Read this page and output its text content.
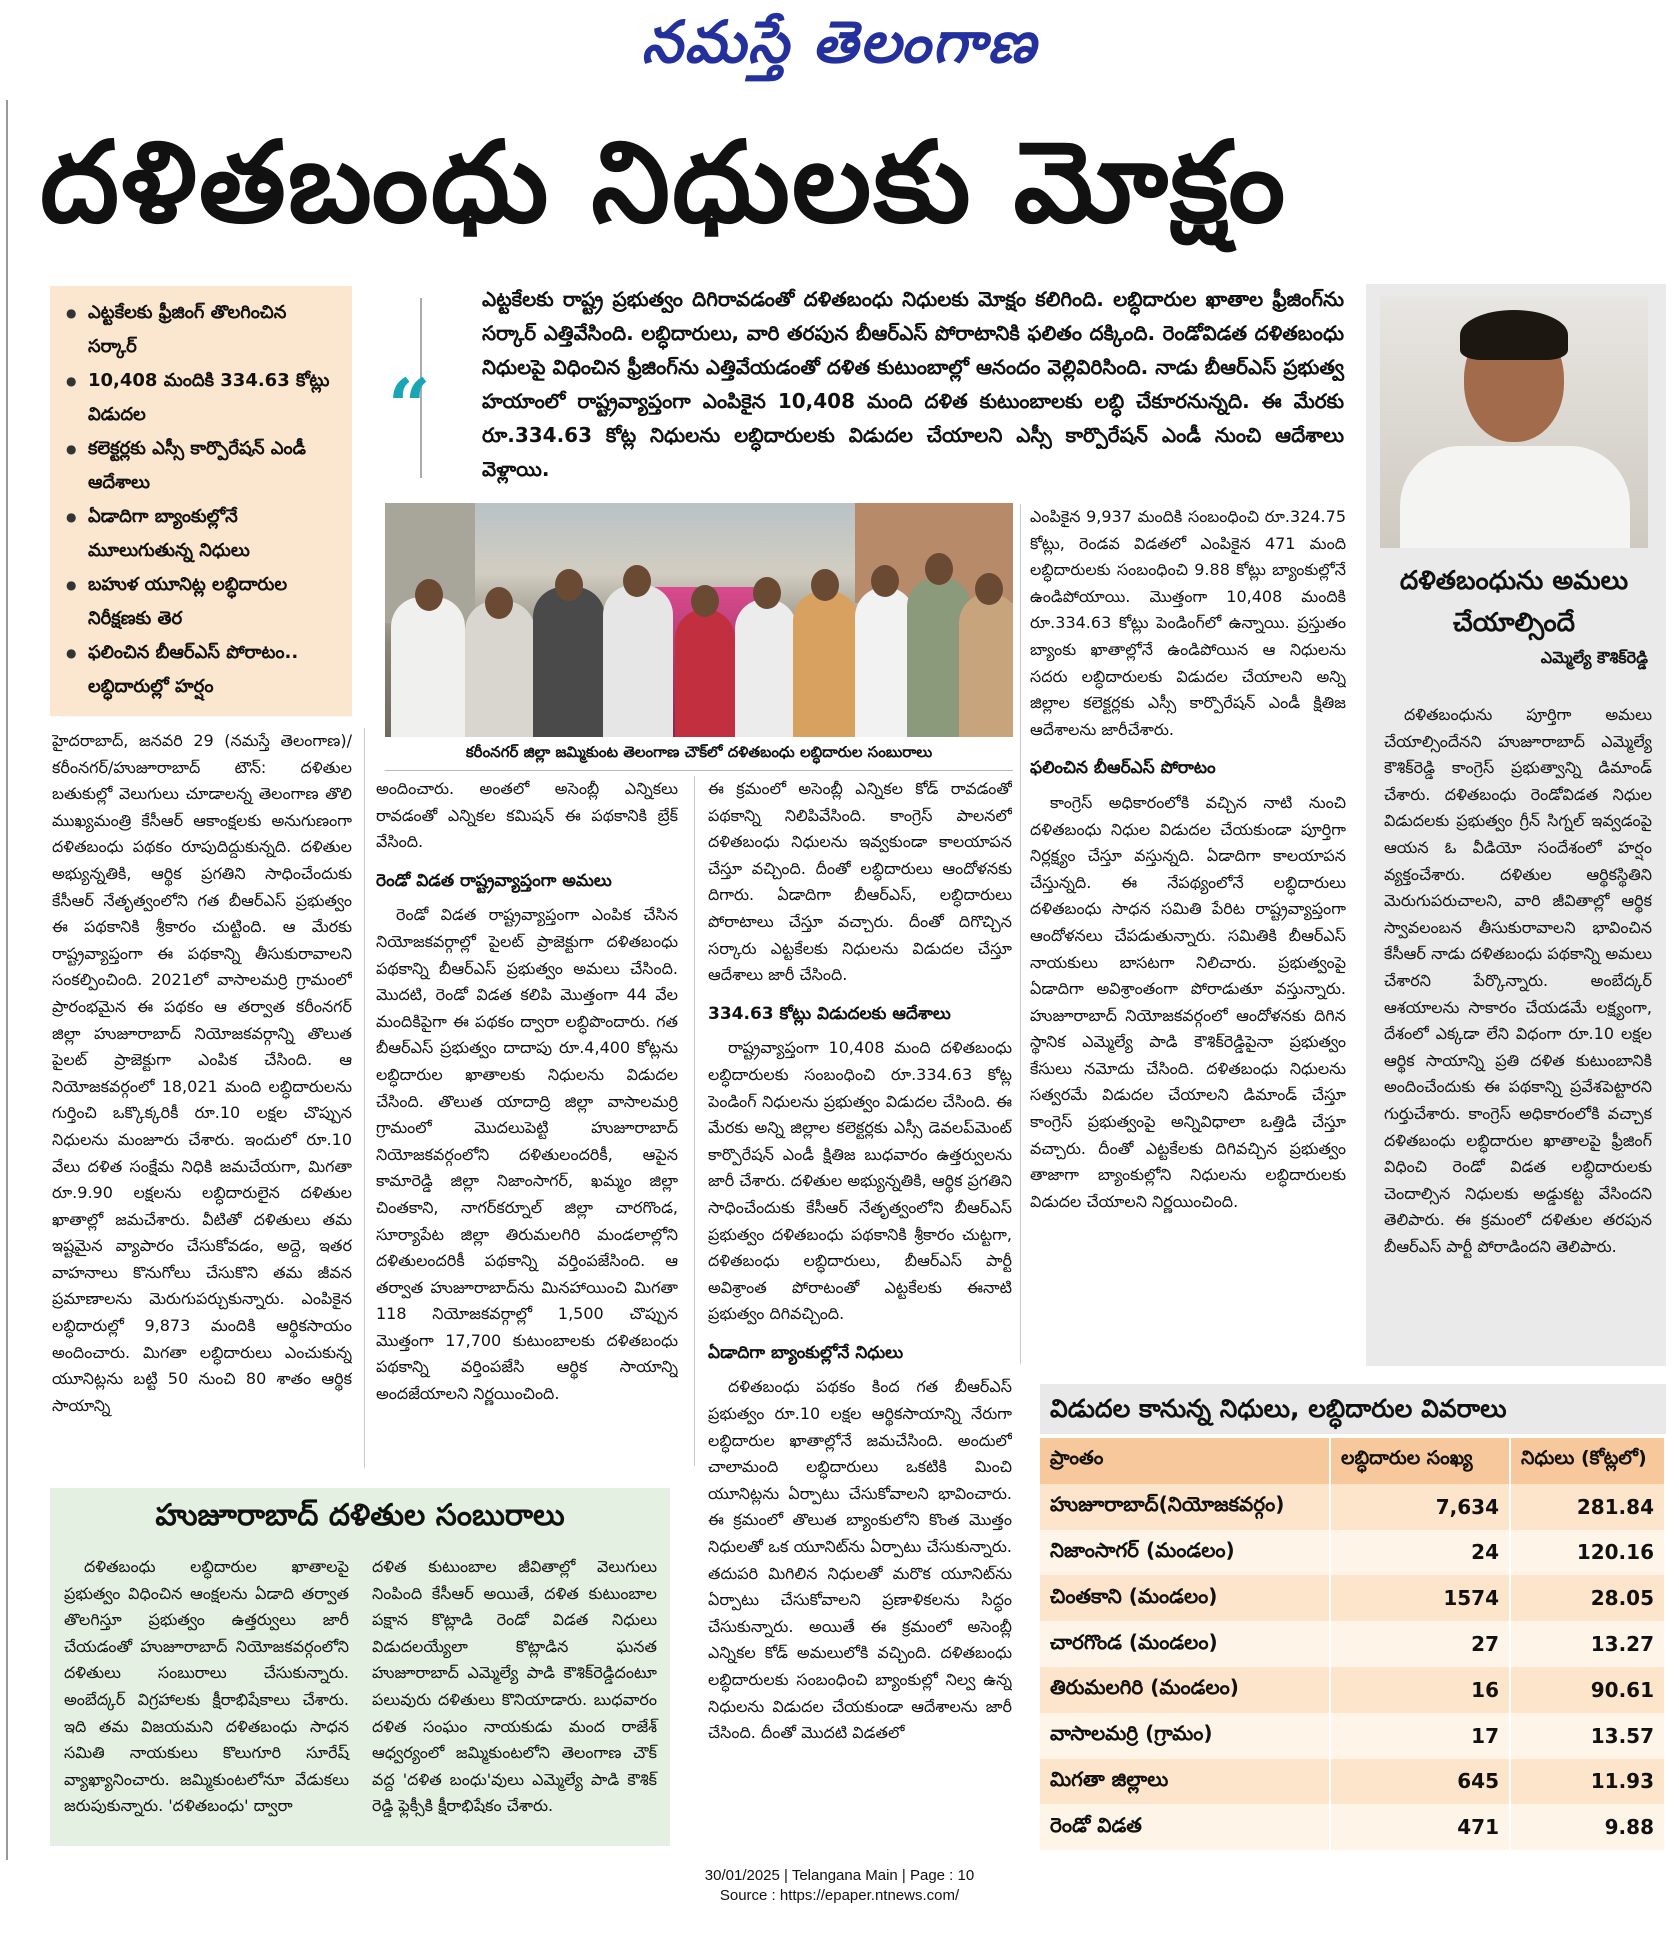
నమస్తే తెలంగాణ
దళితబంధు నిధులకు మోక్షం
● ఎట్టకేలకు ఫ్రీజింగ్ తొలగించిన సర్కార్
● 10,408 మందికి 334.63 కోట్లు విడుదల
● కలెక్టర్లకు ఎస్సీ కార్పొరేషన్ ఎండీ ఆదేశాలు
● ఏడాదిగా బ్యాంకుల్లోనే మూలుగుతున్న నిధులు
● బహుళ యూనిట్ల లబ్ధిదారుల నిరీక్షణకు తెర
● ఫలించిన బీఆర్ఎస్ పోరాటం.. లబ్ధిదారుల్లో హర్షం
“
ఎట్టకేలకు రాష్ట్ర ప్రభుత్వం దిగిరావడంతో దళితబంధు నిధులకు మోక్షం కలిగింది. లబ్ధిదారుల ఖాతాల ఫ్రీజింగ్‌ను సర్కార్ ఎత్తివేసింది. లబ్ధిదారులు, వారి తరపున బీఆర్ఎస్ పోరాటానికి ఫలితం దక్కింది. రెండోవిడత దళితబంధు నిధులపై విధించిన ఫ్రీజింగ్‌ను ఎత్తివేయడంతో దళిత కుటుంబాల్లో ఆనందం వెల్లివిరిసింది. నాడు బీఆర్ఎస్ ప్రభుత్వ హయాంలో రాష్ట్రవ్యాప్తంగా ఎంపికైన 10,408 మంది దళిత కుటుంబాలకు లబ్ధి చేకూరనున్నది. ఈ మేరకు రూ.334.63 కోట్ల నిధులను లబ్ధిదారులకు విడుదల చేయాలని ఎస్సీ కార్పొరేషన్ ఎండీ నుంచి ఆదేశాలు వెళ్లాయి.
కరీంనగర్ జిల్లా జమ్మికుంట తెలంగాణ చౌక్‌లో దళితబంధు లబ్ధిదారుల సంబురాలు
దళితబంధును అమలు చేయాల్సిందే
ఎమ్మెల్యే కౌశిక్‌రెడ్డి

దళితబంధును పూర్తిగా అమలు చేయాల్సిందేనని హుజూరాబాద్ ఎమ్మెల్యే కౌశిక్‌రెడ్డి కాంగ్రెస్ ప్రభుత్వాన్ని డిమాండ్ చేశారు. దళితబంధు రెండోవిడత నిధుల విడుదలకు ప్రభుత్వం గ్రీన్ సిగ్నల్ ఇవ్వడంపై ఆయన ఓ వీడియో సందేశంలో హర్షం వ్యక్తంచేశారు. దళితుల ఆర్థికస్థితిని మెరుగుపరుచాలని, వారి జీవితాల్లో ఆర్థిక స్వావలంబన తీసుకురావాలని భావించిన కేసీఆర్ నాడు దళితబంధు పథకాన్ని అమలు చేశారని పేర్కొన్నారు. అంబేద్కర్ ఆశయాలను సాకారం చేయడమే లక్ష్యంగా, దేశంలో ఎక్కడా లేని విధంగా రూ.10 లక్షల ఆర్థిక సాయాన్ని ప్రతి దళిత కుటుంబానికి అందించేందుకు ఈ పథకాన్ని ప్రవేశపెట్టారని గుర్తుచేశారు. కాంగ్రెస్ అధికారంలోకి వచ్చాక దళితబంధు లబ్ధిదారుల ఖాతాలపై ఫ్రీజింగ్ విధించి రెండో విడత లబ్ధిదారులకు చెందాల్సిన నిధులకు అడ్డుకట్ట వేసిందని తెలిపారు. ఈ క్రమంలో దళితుల తరపున బీఆర్ఎస్ పార్టీ పోరాడిందని తెలిపారు.

హైదరాబాద్, జనవరి 29 (నమస్తే తెలంగాణ)/కరీంనగర్/హుజూరాబాద్ టౌన్: దళితుల బతుకుల్లో వెలుగులు చూడాలన్న తెలంగాణ తొలి ముఖ్యమంత్రి కేసీఆర్ ఆకాంక్షలకు అనుగుణంగా దళితబంధు పథకం రూపుదిద్దుకున్నది. దళితుల అభ్యున్నతికి, ఆర్థిక ప్రగతిని సాధించేందుకు కేసీఆర్ నేతృత్వంలోని గత బీఆర్ఎస్ ప్రభుత్వం ఈ పథకానికి శ్రీకారం చుట్టింది. ఆ మేరకు రాష్ట్రవ్యాప్తంగా ఈ పథకాన్ని తీసుకురావాలని సంకల్పించింది. 2021లో వాసాలమర్రి గ్రామంలో ప్రారంభమైన ఈ పథకం ఆ తర్వాత కరీంనగర్ జిల్లా హుజూరాబాద్ నియోజకవర్గాన్ని తొలుత పైలట్ ప్రాజెక్టుగా ఎంపిక చేసింది. ఆ నియోజకవర్గంలో 18,021 మంది లబ్ధిదారులను గుర్తించి ఒక్కొక్కరికీ రూ.10 లక్షల చొప్పున నిధులను మంజూరు చేశారు. ఇందులో రూ.10 వేలు దళిత సంక్షేమ నిధికి జమచేయగా, మిగతా రూ.9.90 లక్షలను లబ్ధిదారులైన దళితుల ఖాతాల్లో జమచేశారు. వీటితో దళితులు తమ ఇష్టమైన వ్యాపారం చేసుకోవడం, అద్దె, ఇతర వాహనాలు కొనుగోలు చేసుకొని తమ జీవన ప్రమాణాలను మెరుగుపర్చుకున్నారు. ఎంపికైన లబ్ధిదారుల్లో 9,873 మందికి ఆర్థికసాయం అందించారు. మిగతా లబ్ధిదారులు ఎంచుకున్న యూనిట్లను బట్టి 50 నుంచి 80 శాతం ఆర్థిక సాయాన్ని

అందించారు. అంతలో అసెంబ్లీ ఎన్నికలు రావడంతో ఎన్నికల కమిషన్ ఈ పథకానికి బ్రేక్ వేసింది.

రెండో విడత రాష్ట్రవ్యాప్తంగా అమలు

రెండో విడత రాష్ట్రవ్యాప్తంగా ఎంపిక చేసిన నియోజకవర్గాల్లో పైలట్ ప్రాజెక్టుగా దళితబంధు పథకాన్ని బీఆర్ఎస్ ప్రభుత్వం అమలు చేసింది. మొదటి, రెండో విడత కలిపి మొత్తంగా 44 వేల మందికిపైగా ఈ పథకం ద్వారా లబ్ధిపొందారు. గత బీఆర్ఎస్ ప్రభుత్వం దాదాపు రూ.4,400 కోట్లను లబ్ధిదారుల ఖాతాలకు నిధులను విడుదల చేసింది. తొలుత యాదాద్రి జిల్లా వాసాలమర్రి గ్రామంలో మొదలుపెట్టి హుజూరాబాద్ నియోజకవర్గంలోని దళితులందరికీ, ఆపైన కామారెడ్డి జిల్లా నిజాంసాగర్, ఖమ్మం జిల్లా చింతకాని, నాగర్‌కర్నూల్ జిల్లా చారగొండ, సూర్యాపేట జిల్లా తిరుమలగిరి మండలాల్లోని దళితులందరికీ పథకాన్ని వర్తింపజేసింది. ఆ తర్వాత హుజూరాబాద్‌ను మినహాయించి మిగతా 118 నియోజకవర్గాల్లో 1,500 చొప్పున మొత్తంగా 17,700 కుటుంబాలకు దళితబంధు పథకాన్ని వర్తింపజేసి ఆర్థిక సాయాన్ని అందజేయాలని నిర్ణయించింది.

ఈ క్రమంలో అసెంబ్లీ ఎన్నికల కోడ్ రావడంతో పథకాన్ని నిలిపివేసింది. కాంగ్రెస్ పాలనలో దళితబంధు నిధులను ఇవ్వకుండా కాలయాపన చేస్తూ వచ్చింది. దీంతో లబ్ధిదారులు ఆందోళనకు దిగారు. ఏడాదిగా బీఆర్ఎస్, లబ్ధిదారులు పోరాటాలు చేస్తూ వచ్చారు. దీంతో దిగొచ్చిన సర్కారు ఎట్టకేలకు నిధులను విడుదల చేస్తూ ఆదేశాలు జారీ చేసింది.

334.63 కోట్లు విడుదలకు ఆదేశాలు

రాష్ట్రవ్యాప్తంగా 10,408 మంది దళితబంధు లబ్ధిదారులకు సంబంధించి రూ.334.63 కోట్ల పెండింగ్ నిధులను ప్రభుత్వం విడుదల చేసింది. ఈ మేరకు అన్ని జిల్లాల కలెక్టర్లకు ఎస్సీ డెవలప్‌మెంట్ కార్పొరేషన్ ఎండీ క్షితిజ బుధవారం ఉత్తర్వులను జారీ చేశారు. దళితుల అభ్యున్నతికి, ఆర్థిక ప్రగతిని సాధించేందుకు కేసీఆర్ నేతృత్వంలోని బీఆర్ఎస్ ప్రభుత్వం దళితబంధు పథకానికి శ్రీకారం చుట్టగా, దళితబంధు లబ్ధిదారులు, బీఆర్ఎస్ పార్టీ అవిశ్రాంత పోరాటంతో ఎట్టకేలకు ఈనాటి ప్రభుత్వం దిగివచ్చింది.

ఏడాదిగా బ్యాంకుల్లోనే నిధులు

దళితబంధు పథకం కింద గత బీఆర్ఎస్ ప్రభుత్వం రూ.10 లక్షల ఆర్థికసాయాన్ని నేరుగా లబ్ధిదారుల ఖాతాల్లోనే జమచేసింది. అందులో చాలామంది లబ్ధిదారులు ఒకటికి మించి యూనిట్లను ఏర్పాటు చేసుకోవాలని భావించారు. ఈ క్రమంలో తొలుత బ్యాంకులోని కొంత మొత్తం నిధులతో ఒక యూనిట్‌ను ఏర్పాటు చేసుకున్నారు. తదుపరి మిగిలిన నిధులతో మరొక యూనిట్‌ను ఏర్పాటు చేసుకోవాలని ప్రణాళికలను సిద్ధం చేసుకున్నారు. అయితే ఈ క్రమంలో అసెంబ్లీ ఎన్నికల కోడ్ అమలులోకి వచ్చింది. దళితబంధు లబ్ధిదారులకు సంబంధించి బ్యాంకుల్లో నిల్వ ఉన్న నిధులను విడుదల చేయకుండా ఆదేశాలను జారీ చేసింది. దీంతో మొదటి విడతలో

ఎంపికైన 9,937 మందికి సంబంధించి రూ.324.75 కోట్లు, రెండవ విడతలో ఎంపికైన 471 మంది లబ్ధిదారులకు సంబంధించి 9.88 కోట్లు బ్యాంకుల్లోనే ఉండిపోయాయి. మొత్తంగా 10,408 మందికి రూ.334.63 కోట్లు పెండింగ్‌లో ఉన్నాయి. ప్రస్తుతం బ్యాంకు ఖాతాల్లోనే ఉండిపోయిన ఆ నిధులను సదరు లబ్ధిదారులకు విడుదల చేయాలని అన్ని జిల్లాల కలెక్టర్లకు ఎస్సీ కార్పొరేషన్ ఎండీ క్షితిజ ఆదేశాలను జారీచేశారు.

ఫలించిన బీఆర్ఎస్ పోరాటం

కాంగ్రెస్ అధికారంలోకి వచ్చిన నాటి నుంచి దళితబంధు నిధుల విడుదల చేయకుండా పూర్తిగా నిర్లక్ష్యం చేస్తూ వస్తున్నది. ఏడాదిగా కాలయాపన చేస్తున్నది. ఈ నేపథ్యంలోనే లబ్ధిదారులు దళితబంధు సాధన సమితి పేరిట రాష్ట్రవ్యాప్తంగా ఆందోళనలు చేపడుతున్నారు. సమితికి బీఆర్ఎస్ నాయకులు బాసటగా నిలిచారు. ప్రభుత్వంపై ఏడాదిగా అవిశ్రాంతంగా పోరాడుతూ వస్తున్నారు. హుజూరాబాద్ నియోజకవర్గంలో ఆందోళనకు దిగిన స్థానిక ఎమ్మెల్యే పాడి కౌశిక్‌రెడ్డిపైనా ప్రభుత్వం కేసులు నమోదు చేసింది. దళితబంధు నిధులను సత్వరమే విడుదల చేయాలని డిమాండ్ చేస్తూ కాంగ్రెస్ ప్రభుత్వంపై అన్నివిధాలా ఒత్తిడి చేస్తూ వచ్చారు. దీంతో ఎట్టకేలకు దిగివచ్చిన ప్రభుత్వం తాజాగా బ్యాంకుల్లోని నిధులను లబ్ధిదారులకు విడుదల చేయాలని నిర్ణయించింది.

హుజూరాబాద్ దళితుల సంబురాలు
దళితబంధు లబ్ధిదారుల ఖాతాలపై ప్రభుత్వం విధించిన ఆంక్షలను ఏడాది తర్వాత తొలగిస్తూ ప్రభుత్వం ఉత్తర్వులు జారీ చేయడంతో హుజూరాబాద్ నియోజకవర్గంలోని దళితులు సంబురాలు చేసుకున్నారు. అంబేద్కర్ విగ్రహాలకు క్షీరాభిషేకాలు చేశారు. ఇది తమ విజయమని దళితబంధు సాధన సమితి నాయకులు కొలుగూరి సూరేష్ వ్యాఖ్యానించారు. జమ్మికుంటలోనూ వేడుకలు జరుపుకున్నారు. 'దళితబంధు' ద్వారా
దళిత కుటుంబాల జీవితాల్లో వెలుగులు నింపింది కేసీఆర్ అయితే, దళిత కుటుంబాల పక్షాన కొట్లాడి రెండో విడత నిధులు విడుదలయ్యేలా కొట్లాడిన ఘనత హుజూరాబాద్ ఎమ్మెల్యే పాడి కౌశిక్‌రెడ్డిదంటూ పలువురు దళితులు కొనియాడారు. బుధవారం దళిత సంఘం నాయకుడు మంద రాజేశ్ ఆధ్వర్యంలో జమ్మికుంటలోని తెలంగాణ చౌక్ వద్ద 'దళిత బంధు'వులు ఎమ్మెల్యే పాడి కౌశిక్ రెడ్డి ఫ్లెక్సీకి క్షీరాభిషేకం చేశారు.
విడుదల కానున్న నిధులు, లబ్ధిదారుల వివరాలు
ప్రాంతం	లబ్ధిదారుల సంఖ్య	నిధులు (కోట్లలో)
హుజూరాబాద్(నియోజకవర్గం)	7,634	281.84
నిజాంసాగర్ (మండలం)	24	120.16
చింతకాని (మండలం)	1574	28.05
చారగొండ (మండలం)	27	13.27
తిరుమలగిరి (మండలం)	16	90.61
వాసాలమర్రి (గ్రామం)	17	13.57
మిగతా జిల్లాలు	645	11.93
రెండో విడత	471	9.88
30/01/2025 | Telangana Main | Page : 10
Source : https://epaper.ntnews.com/
